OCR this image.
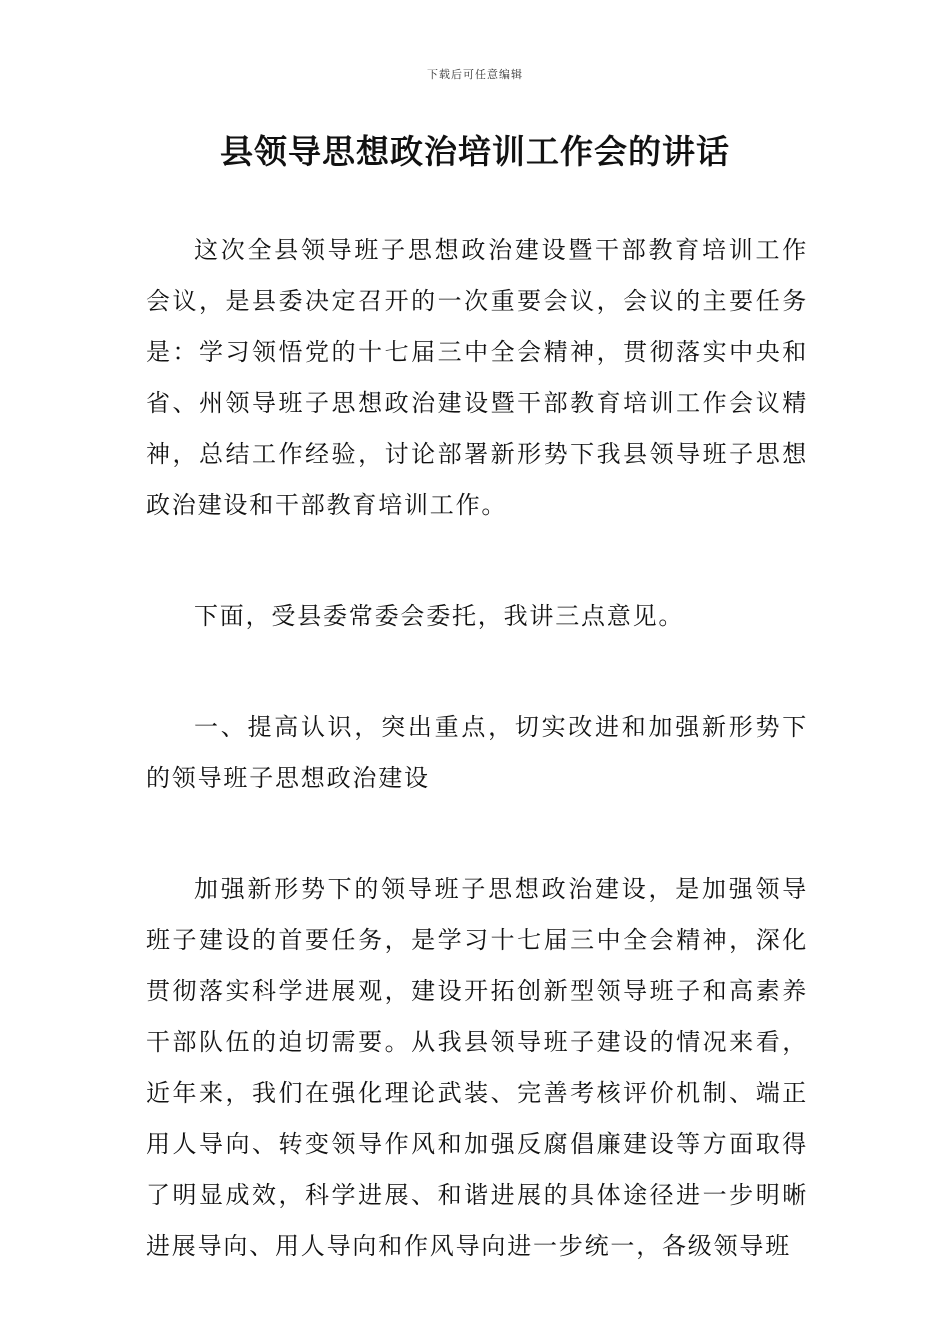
下载后可任意编辑
县领导思想政治培训工作会的讲话

这次全县领导班子思想政治建设暨干部教育培训工作会议，是县委决定召开的一次重要会议，会议的主要任务是：学习领悟党的十七届三中全会精神，贯彻落实中央和省、州领导班子思想政治建设暨干部教育培训工作会议精神，总结工作经验，讨论部署新形势下我县领导班子思想政治建设和干部教育培训工作。

下面，受县委常委会委托，我讲三点意见。

一、提高认识，突出重点，切实改进和加强新形势下的领导班子思想政治建设

加强新形势下的领导班子思想政治建设，是加强领导班子建设的首要任务，是学习十七届三中全会精神，深化贯彻落实科学进展观，建设开拓创新型领导班子和高素养干部队伍的迫切需要。从我县领导班子建设的情况来看，近年来，我们在强化理论武装、完善考核评价机制、端正用人导向、转变领导作风和加强反腐倡廉建设等方面取得了明显成效，科学进展、和谐进展的具体途径进一步明晰进展导向、用人导向和作风导向进一步统一，各级领导班
